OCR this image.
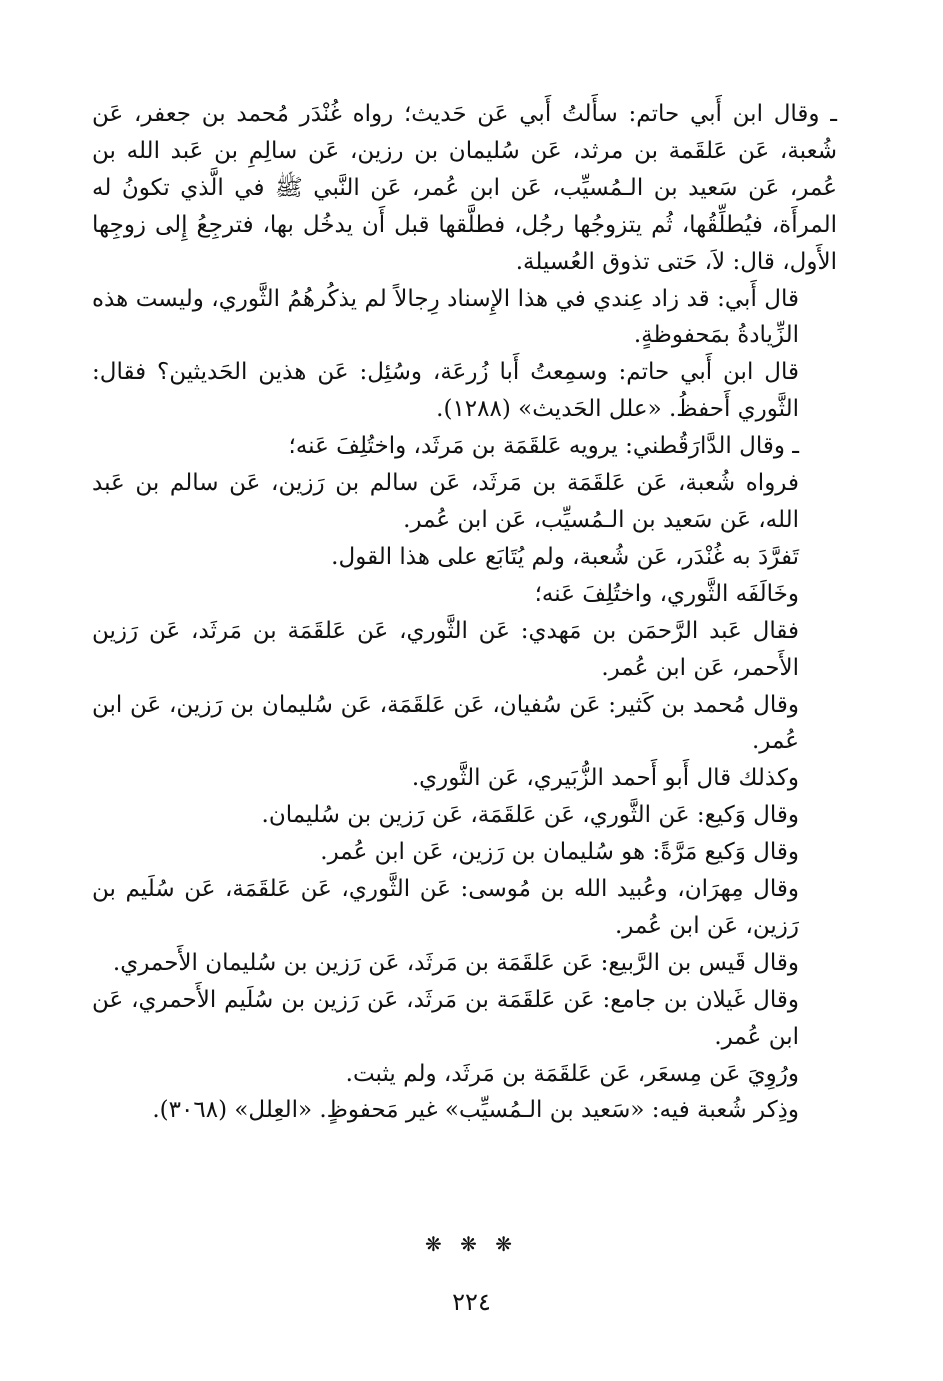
ـ وقال ابن أَبي حاتم: سأَلتُ أَبي عَن حَديث؛ رواه غُنْدَر مُحمد بن جعفر، عَن شُعبة، عَن عَلقَمة بن مرثد، عَن سُليمان بن رزين، عَن سالِمِ بن عَبد الله بن عُمر، عَن سَعيد بن الـمُسيِّب، عَن ابن عُمر، عَن النَّبي ﷺ في الَّذي تكونُ له المرأَة، فيُطلِّقُها، ثُم يتزوجُها رجُل، فطلَّقها قبل أَن يدخُل بها، فترجِعُ إِلى زوجِها الأَول، قال: لاَ، حَتى تذوق العُسيلة.

قال أَبي: قد زاد عِندي في هذا الإِسناد رِجالاً لم يذكُرهُمُ الثَّوري، وليست هذه الزِّيادةُ بمَحفوظةٍ.

قال ابن أَبي حاتم: وسمِعتُ أَبا زُرعَة، وسُئِل: عَن هذين الحَديثين؟ فقال: الثَّوري أَحفظُ. «علل الحَديث» (١٢٨٨).

ـ وقال الدَّارَقُطني: يرويه عَلقَمَة بن مَرثَد، واختُلِفَ عَنه؛

فرواه شُعبة، عَن عَلقَمَة بن مَرثَد، عَن سالم بن رَزين، عَن سالم بن عَبد الله، عَن سَعيد بن الـمُسيِّب، عَن ابن عُمر.

تَفرَّدَ به غُنْدَر، عَن شُعبة، ولم يُتَابَع على هذا القول.

وخَالَفَه الثَّوري، واختُلِفَ عَنه؛

فقال عَبد الرَّحمَن بن مَهدي: عَن الثَّوري، عَن عَلقَمَة بن مَرثَد، عَن رَزين الأَحمر، عَن ابن عُمر.

وقال مُحمد بن كَثير: عَن سُفيان، عَن عَلقَمَة، عَن سُليمان بن رَزين، عَن ابن عُمر.

وكذلك قال أَبو أَحمد الزُّبَيري، عَن الثَّوري.

وقال وَكيع: عَن الثَّوري، عَن عَلقَمَة، عَن رَزين بن سُليمان.

وقال وَكيع مَرَّةً: هو سُليمان بن رَزين، عَن ابن عُمر.

وقال مِهرَان، وعُبيد الله بن مُوسى: عَن الثَّوري، عَن عَلقَمَة، عَن سُلَيم بن رَزين، عَن ابن عُمر.

وقال قَيس بن الرَّبيع: عَن عَلقَمَة بن مَرثَد، عَن رَزين بن سُليمان الأَحمري.

وقال غَيلان بن جامع: عَن عَلقَمَة بن مَرثَد، عَن رَزين بن سُلَيم الأَحمري، عَن ابن عُمر.

ورُوِيَ عَن مِسعَر، عَن عَلقَمَة بن مَرثَد، ولم يثبت.

وذِكر شُعبة فيه: «سَعيد بن الـمُسيِّب» غير مَحفوظٍ. «العِلل» (٣٠٦٨).

❋ ❋ ❋
٢٢٤
